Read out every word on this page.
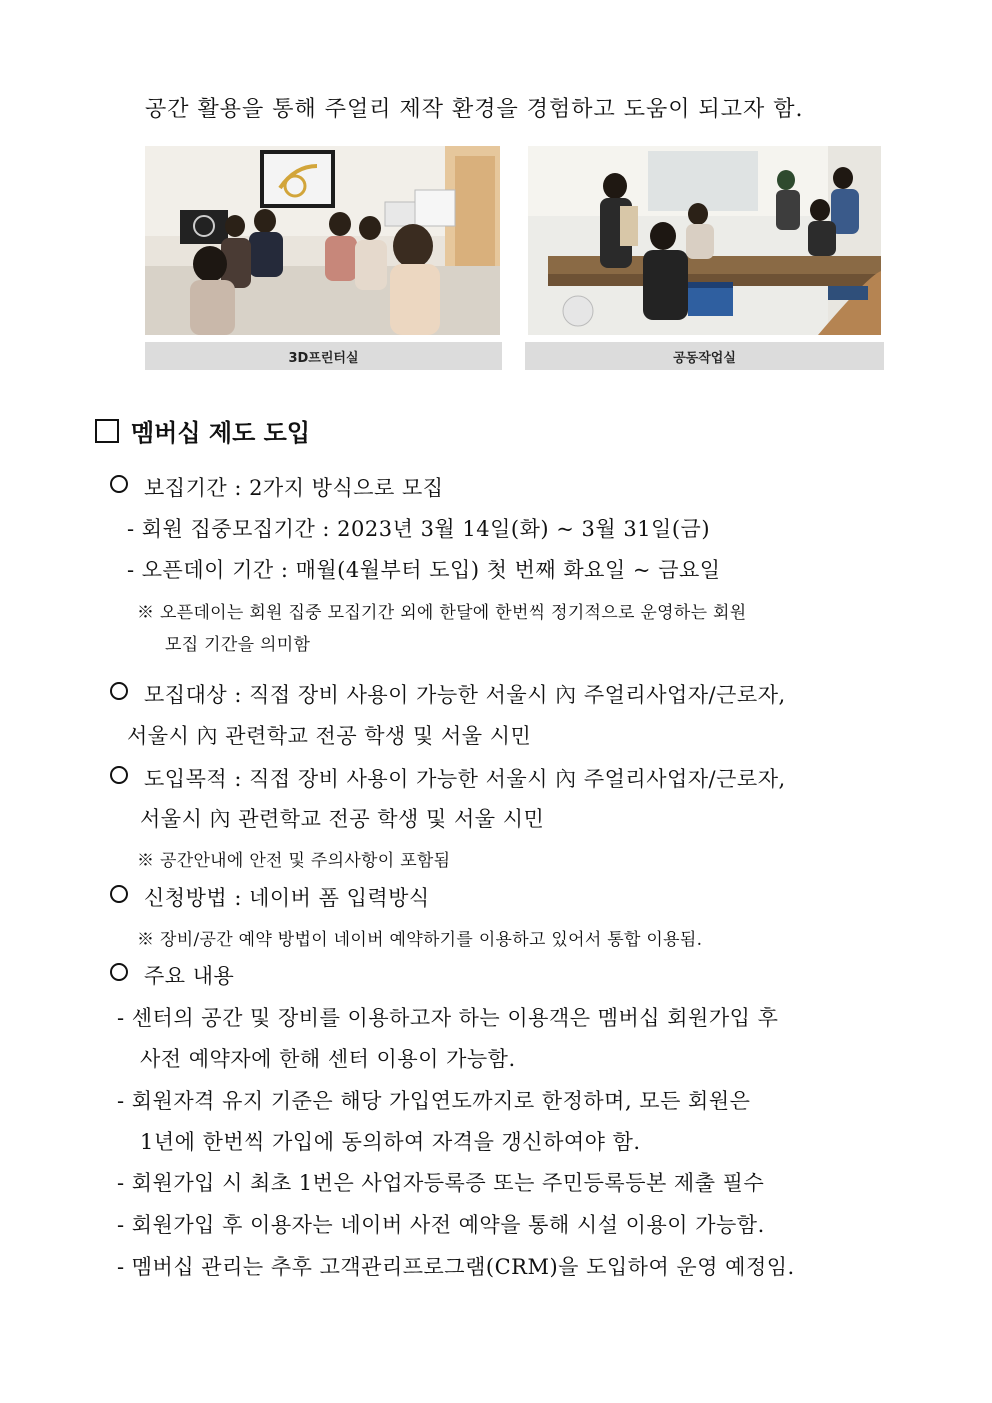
공간 활용을 통해 주얼리 제작 환경을 경험하고 도움이 되고자 함.
3D프린터실	공동작업실
멤버십 제도 도입
보집기간 : 2가지 방식으로 모집
- 회원 집중모집기간 : 2023년 3월 14일(화) ~ 3월 31일(금)
- 오픈데이 기간 : 매월(4월부터 도입) 첫 번째 화요일 ~ 금요일
※ 오픈데이는 회원 집중 모집기간 외에 한달에 한번씩 정기적으로 운영하는 회원
모집 기간을 의미함
모집대상 : 직접 장비 사용이 가능한 서울시 內 주얼리사업자/근로자,
서울시 內 관련학교 전공 학생 및 서울 시민
도입목적 : 직접 장비 사용이 가능한 서울시 內 주얼리사업자/근로자,
서울시 內 관련학교 전공 학생 및 서울 시민
※ 공간안내에 안전 및 주의사항이 포함됨
신청방법 : 네이버 폼 입력방식
※ 장비/공간 예약 방법이 네이버 예약하기를 이용하고 있어서 통합 이용됨.
주요 내용
- 센터의 공간 및 장비를 이용하고자 하는 이용객은 멤버십 회원가입 후
사전 예약자에 한해 센터 이용이 가능함.
- 회원자격 유지 기준은 해당 가입연도까지로 한정하며, 모든 회원은
1년에 한번씩 가입에 동의하여 자격을 갱신하여야 함.
- 회원가입 시 최초 1번은 사업자등록증 또는 주민등록등본 제출 필수
- 회원가입 후 이용자는 네이버 사전 예약을 통해 시설 이용이 가능함.
- 멤버십 관리는 추후 고객관리프로그램(CRM)을 도입하여 운영 예정임.
